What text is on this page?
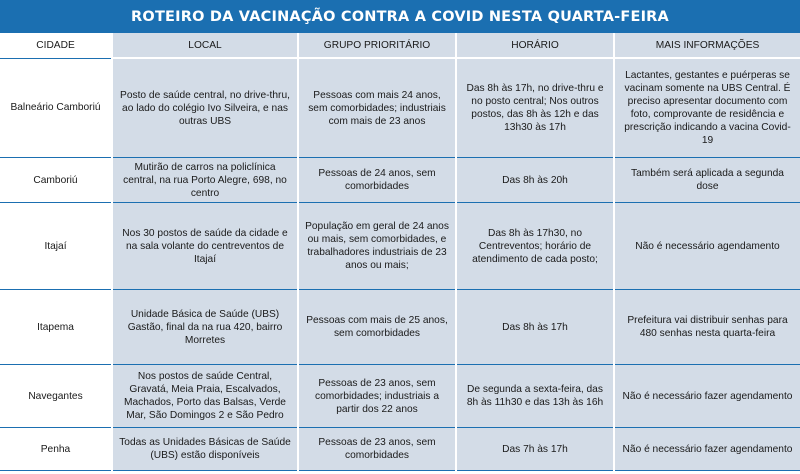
ROTEIRO DA VACINAÇÃO CONTRA A COVID NESTA QUARTA-FEIRA
CIDADE	LOCAL	GRUPO PRIORITÁRIO	HORÁRIO	MAIS INFORMAÇÕES
Balneário Camboriú	Posto de saúde central, no drive-thru, ao lado do colégio Ivo Silveira, e nas outras UBS	Pessoas com mais 24 anos, sem comorbidades; industriais com mais de 23 anos	Das 8h às 17h, no drive-thru e no posto central; Nos outros postos, das 8h às 12h e das 13h30 às 17h	Lactantes, gestantes e puérperas se vacinam somente na UBS Central. É preciso apresentar documento com foto, comprovante de residência e prescrição indicando a vacina Covid-19
Camboriú	Mutirão de carros na policlínica central, na rua Porto Alegre, 698, no centro	Pessoas de 24 anos, sem comorbidades	Das 8h às 20h	Também será aplicada a segunda dose
Itajaí	Nos 30 postos de saúde da cidade e na sala volante do centreventos de Itajaí	População em geral de 24 anos ou mais, sem comorbidades, e trabalhadores industriais de 23 anos ou mais;	Das 8h às 17h30, no Centreventos; horário de atendimento de cada posto;	Não é necessário agendamento
Itapema	Unidade Básica de Saúde (UBS) Gastão, final da na rua 420, bairro Morretes	Pessoas com mais de 25 anos, sem comorbidades	Das 8h às 17h	Prefeitura vai distribuir senhas para 480 senhas nesta quarta-feira
Navegantes	Nos postos de saúde Central, Gravatá, Meia Praia, Escalvados, Machados, Porto das Balsas, Verde Mar, São Domingos 2 e São Pedro	Pessoas de 23 anos, sem comorbidades; industriais a partir dos 22 anos	De segunda a sexta-feira, das 8h às 11h30 e das 13h às 16h	Não é necessário fazer agendamento
Penha	Todas as Unidades Básicas de Saúde (UBS) estão disponíveis	Pessoas de 23 anos, sem comorbidades	Das 7h às 17h	Não é necessário fazer agendamento
